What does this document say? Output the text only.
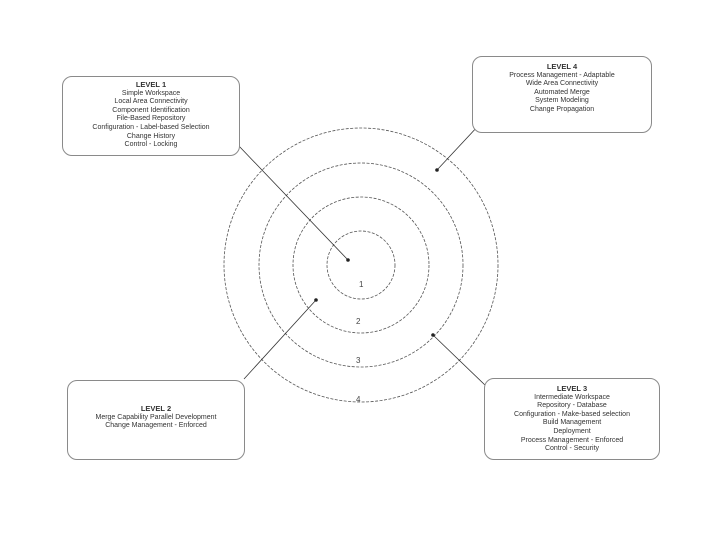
1
2
3
4
LEVEL 1
Simple Workspace
Local Area Connectivity
Component Identification
File-Based Repository
Configuration - Label-based Selection
Change History
Control - Locking
LEVEL 4
Process Management - Adaptable
Wide Area Connectivity
Automated Merge
System Modeling
Change Propagation
LEVEL 2
Merge Capability Parallel Development
Change Management - Enforced
LEVEL 3
Intermediate Workspace
Repository - Database
Configuration - Make-based selection
Build Management
Deployment
Process Management - Enforced
Control - Security
